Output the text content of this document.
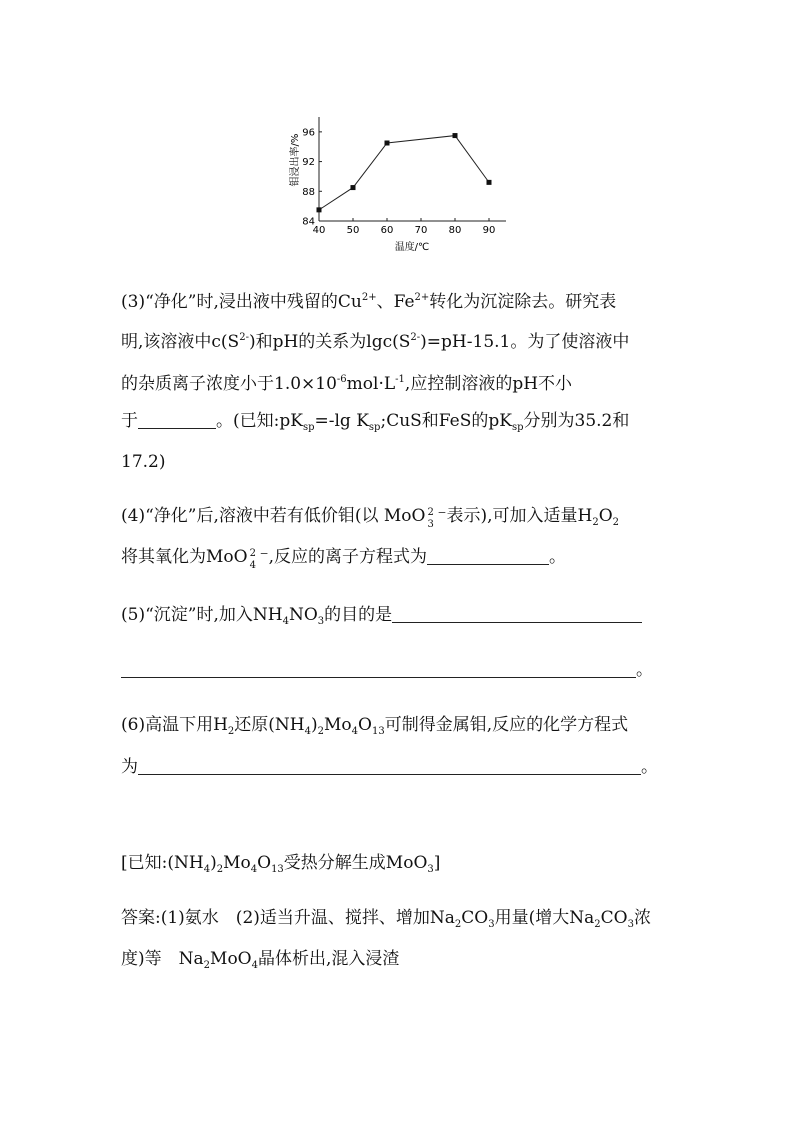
40 50 60 70 80 90
84
88
92
96
温度/℃
钼浸出率/%
(3)“净化”时,浸出液中残留的$Cu^{2+}$、$Fe^{2+}$转化为沉淀除去。研究表
明,该溶液中$c(S^{2-})$和pH的关系为$\lg c(S^{2-})=pH-15.1$。为了使溶液中
的杂质离子浓度小于$1.0\times 10^{-6}mol\cdot L^{-1}$,应控制溶液的pH不小
于	。(已知$:pK_{sp}=-\lg$ $K_{sp};CuS$和FeS的$pK_{sp}$分别为35.2和
17.2)
(4)“净化”后,溶液中若有低价钼(以 MoO 2
3 ⁻表示),可加入适量$H_2O_2$
将其氧化为MoO 2
4 ⁻,反应的离子方程式为	。
(5)“沉淀”时,加入$NH_4NO_3$的目的是
。
(6)高温下用$H_2$还原$(NH_4)_2Mo_4O_{13}$可制得金属钼,反应的化学方程式
为	。
[已知$:(NH_4)_2Mo_4O_{13}$受热分解生成MoO$_3$]
答案:(1)氨水　(2)适当升温、搅拌、增加$Na_2CO_3$用量(增大$Na_2CO_3$浓
度)等　$Na_2MoO_4$晶体析出,混入浸渣
